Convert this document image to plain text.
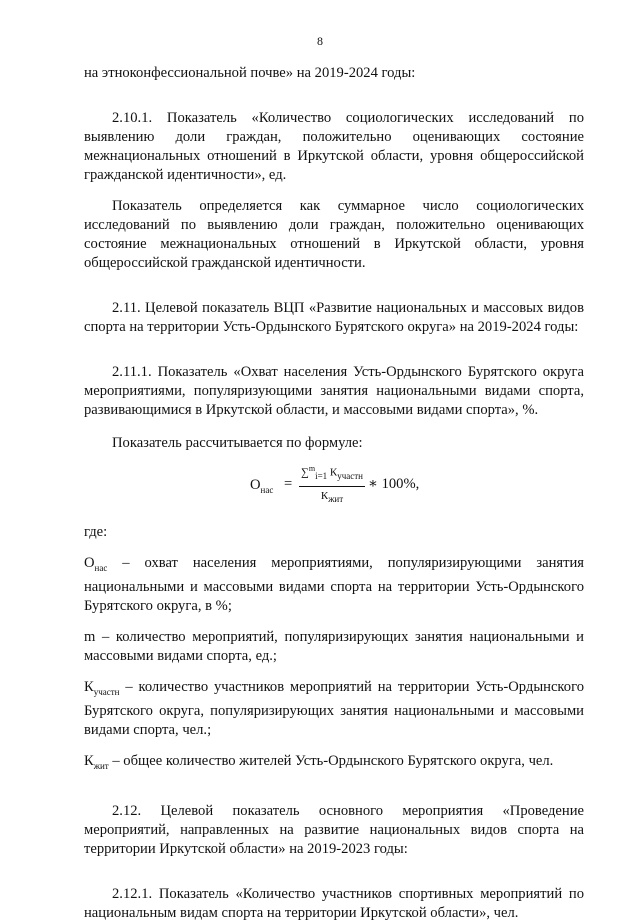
8

на этноконфессиональной почве» на 2019-2024 годы:

2.10.1. Показатель «Количество социологических исследований по выявлению доли граждан, положительно оценивающих состояние межнациональных отношений в Иркутской области, уровня общероссийской гражданской идентичности», ед.

Показатель определяется как суммарное число социологических исследований по выявлению доли граждан, положительно оценивающих состояние межнациональных отношений в Иркутской области, уровня общероссийской гражданской идентичности.

2.11. Целевой показатель ВЦП «Развитие национальных и массовых видов спорта на территории Усть-Ордынского Бурятского округа» на 2019-2024 годы:

2.11.1. Показатель «Охват населения Усть-Ордынского Бурятского округа мероприятиями, популяризующими занятия национальными видами спорта, развивающимися в Иркутской области, и массовыми видами спорта», %.

Показатель рассчитывается по формуле:

$О_{нас}$ =
∑$^m_{i=1}$ $К_{участн}$
$К_{жит}$
∗ 100%,

где:

$О_{нас}$ – охват населения мероприятиями, популяризирующими занятия национальными и массовыми видами спорта на территории Усть-Ордынского Бурятского округа, в %;

m – количество мероприятий, популяризирующих занятия национальными и массовыми видами спорта, ед.;

$К_{участн}$ – количество участников мероприятий на территории Усть-Ордынского Бурятского округа, популяризирующих занятия национальными и массовыми видами спорта, чел.;

$К_{жит}$ – общее количество жителей Усть-Ордынского Бурятского округа, чел.

2.12. Целевой показатель основного мероприятия «Проведение мероприятий, направленных на развитие национальных видов спорта на территории Иркутской области» на 2019-2023 годы:

2.12.1. Показатель «Количество участников спортивных мероприятий по национальным видам спорта на территории Иркутской области», чел.
